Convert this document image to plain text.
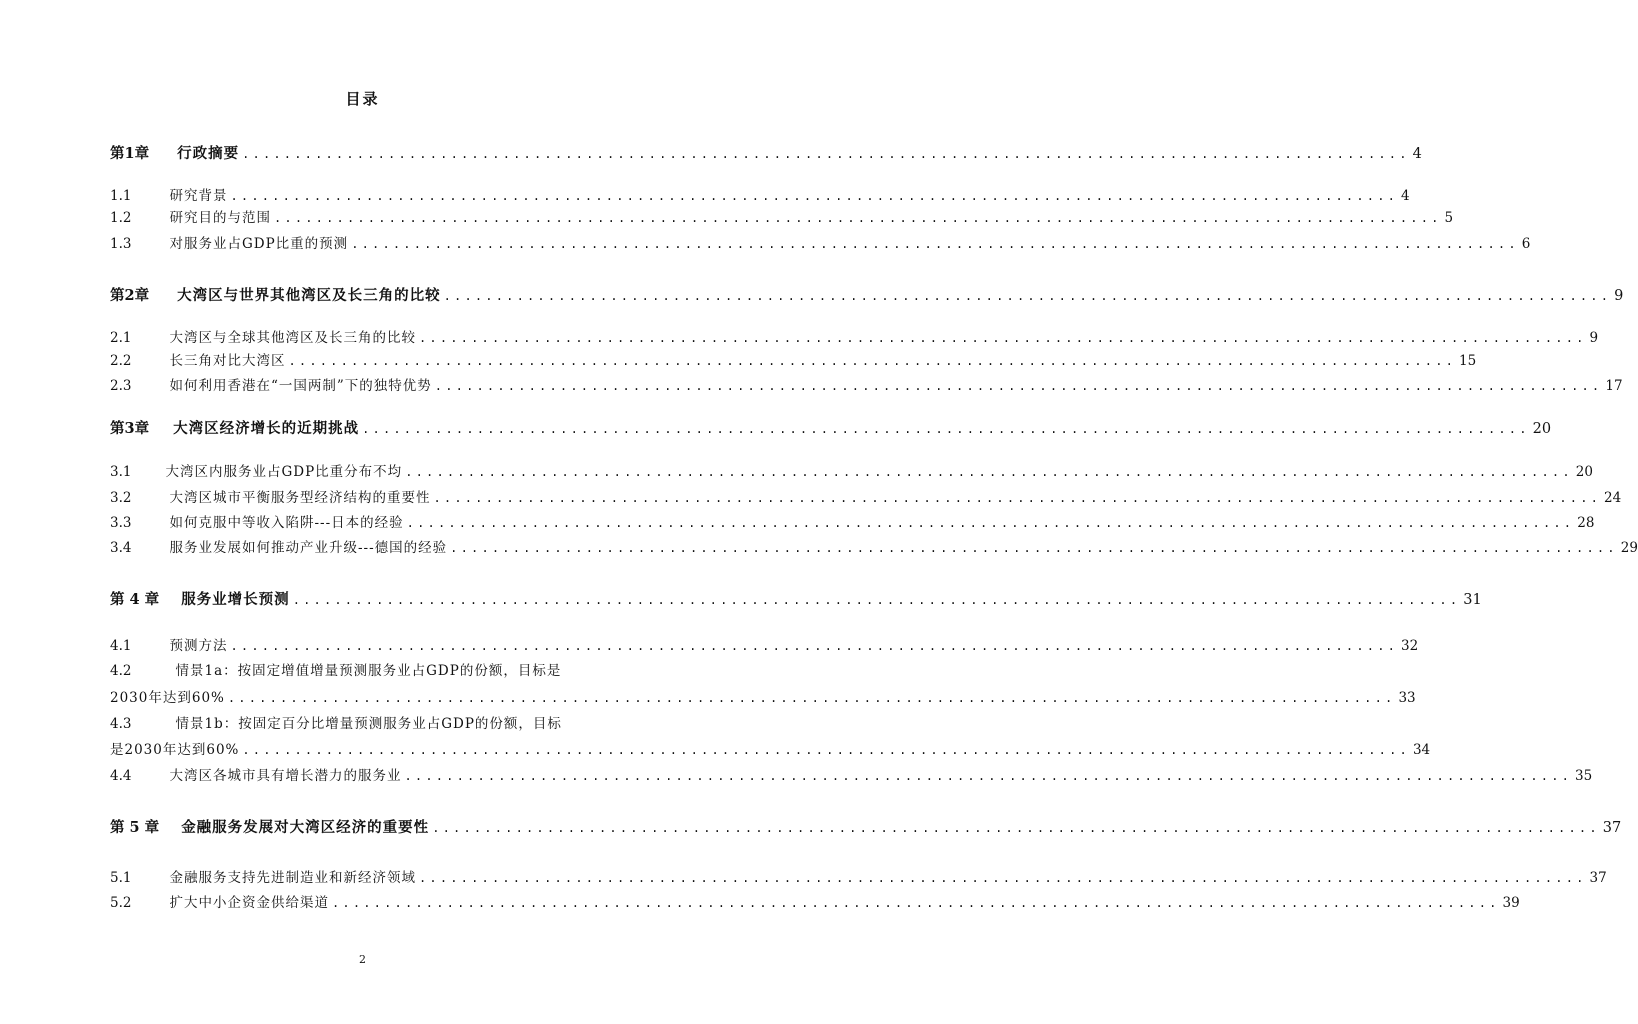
目录
第1章 行政摘要 ................................................................................................................ 4
1.1	研究背景 ................................................................................................................ 4
1.2	研究目的与范围 ................................................................................................................ 5
1.3	对服务业占GDP比重的预测 ................................................................................................................ 6
第2章 大湾区与世界其他湾区及长三角的比较 ................................................................................................................ 9
2.1	大湾区与全球其他湾区及长三角的比较 ................................................................................................................ 9
2.2	长三角对比大湾区 ................................................................................................................ 15
2.3	如何利用香港在“一国两制”下的独特优势 ................................................................................................................ 17
第3章 大湾区经济增长的近期挑战 ................................................................................................................ 20
3.1	大湾区内服务业占GDP比重分布不均 ................................................................................................................ 20
3.2	大湾区城市平衡服务型经济结构的重要性 ................................................................................................................ 24
3.3	如何克服中等收入陷阱---日本的经验 ................................................................................................................ 28
3.4	服务业发展如何推动产业升级---德国的经验 ................................................................................................................ 29
第 4 章 服务业增长预测 ................................................................................................................ 31
4.1	预测方法 ................................................................................................................ 32
4.2	情景1a：按固定增值增量预测服务业占GDP的份额，目标是
2030年达到60% ................................................................................................................ 33
4.3	情景1b：按固定百分比增量预测服务业占GDP的份额，目标
是2030年达到60% ................................................................................................................ 34
4.4	大湾区各城市具有增长潜力的服务业 ................................................................................................................ 35
第 5 章 金融服务发展对大湾区经济的重要性 ................................................................................................................ 37
5.1	金融服务支持先进制造业和新经济领域 ................................................................................................................ 37
5.2	扩大中小企资金供给渠道 ................................................................................................................ 39
2
